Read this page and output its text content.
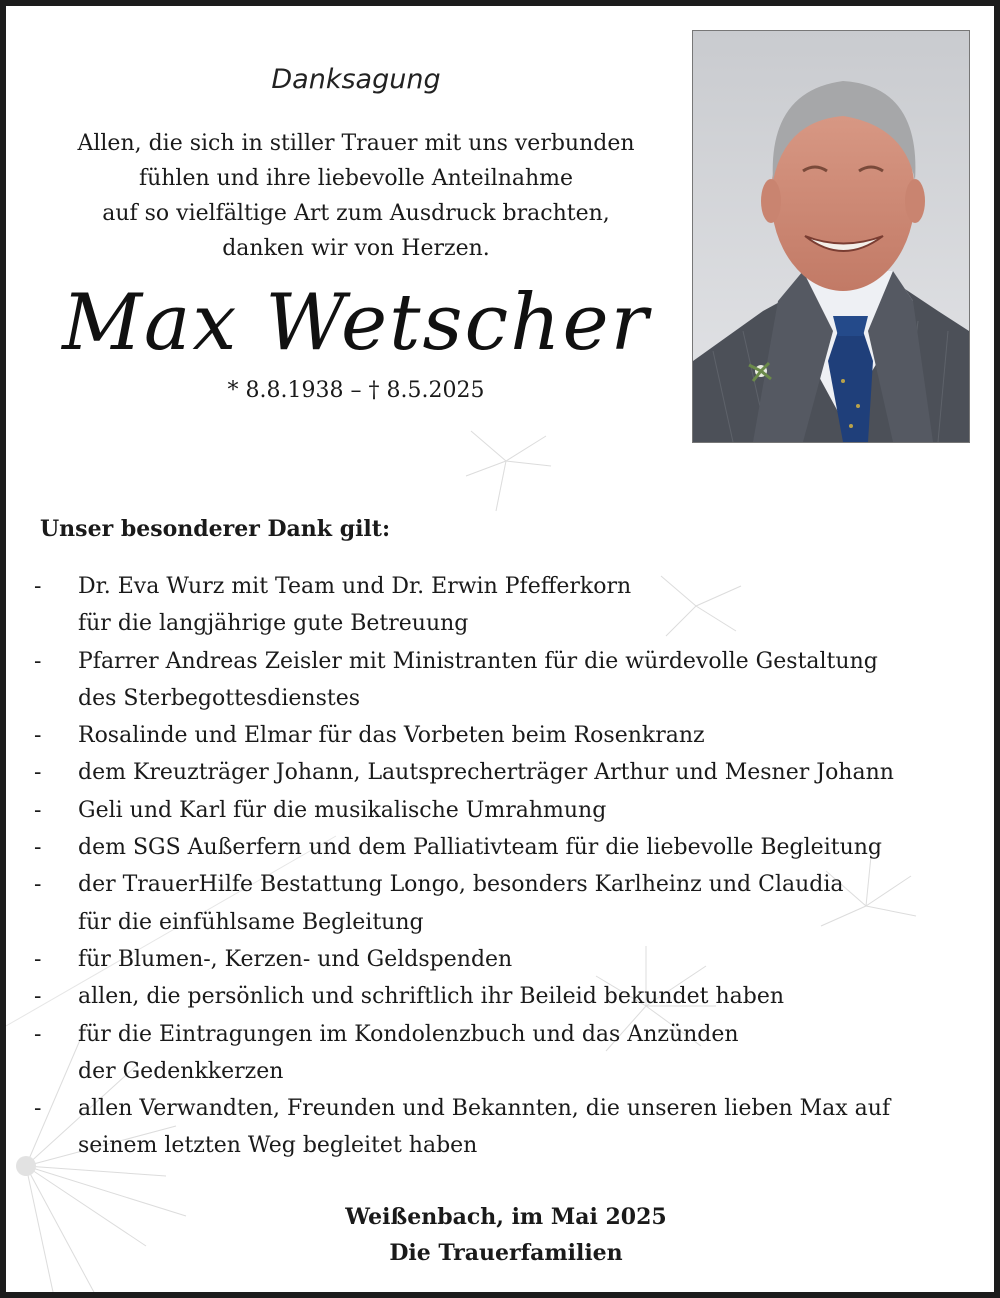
Danksagung
Allen, die sich in stiller Trauer mit uns verbunden
fühlen und ihre liebevolle Anteilnahme
auf so vielfältige Art zum Ausdruck brachten,
danken wir von Herzen.
Max Wetscher
* 8.8.1938 – † 8.5.2025
Unser besonderer Dank gilt:
- Dr. Eva Wurz mit Team und Dr. Erwin Pfefferkorn
für die langjährige gute Betreuung
- Pfarrer Andreas Zeisler mit Ministranten für die würdevolle Gestaltung
des Sterbegottesdienstes
- Rosalinde und Elmar für das Vorbeten beim Rosenkranz
- dem Kreuzträger Johann, Lautsprecherträger Arthur und Mesner Johann
- Geli und Karl für die musikalische Umrahmung
- dem SGS Außerfern und dem Palliativteam für die liebevolle Begleitung
- der TrauerHilfe Bestattung Longo, besonders Karlheinz und Claudia
für die einfühlsame Begleitung
- für Blumen-, Kerzen- und Geldspenden
- allen, die persönlich und schriftlich ihr Beileid bekundet haben
- für die Eintragungen im Kondolenzbuch und das Anzünden
der Gedenkkerzen
- allen Verwandten, Freunden und Bekannten, die unseren lieben Max auf
seinem letzten Weg begleitet haben
Weißenbach, im Mai 2025
Die Trauerfamilien
